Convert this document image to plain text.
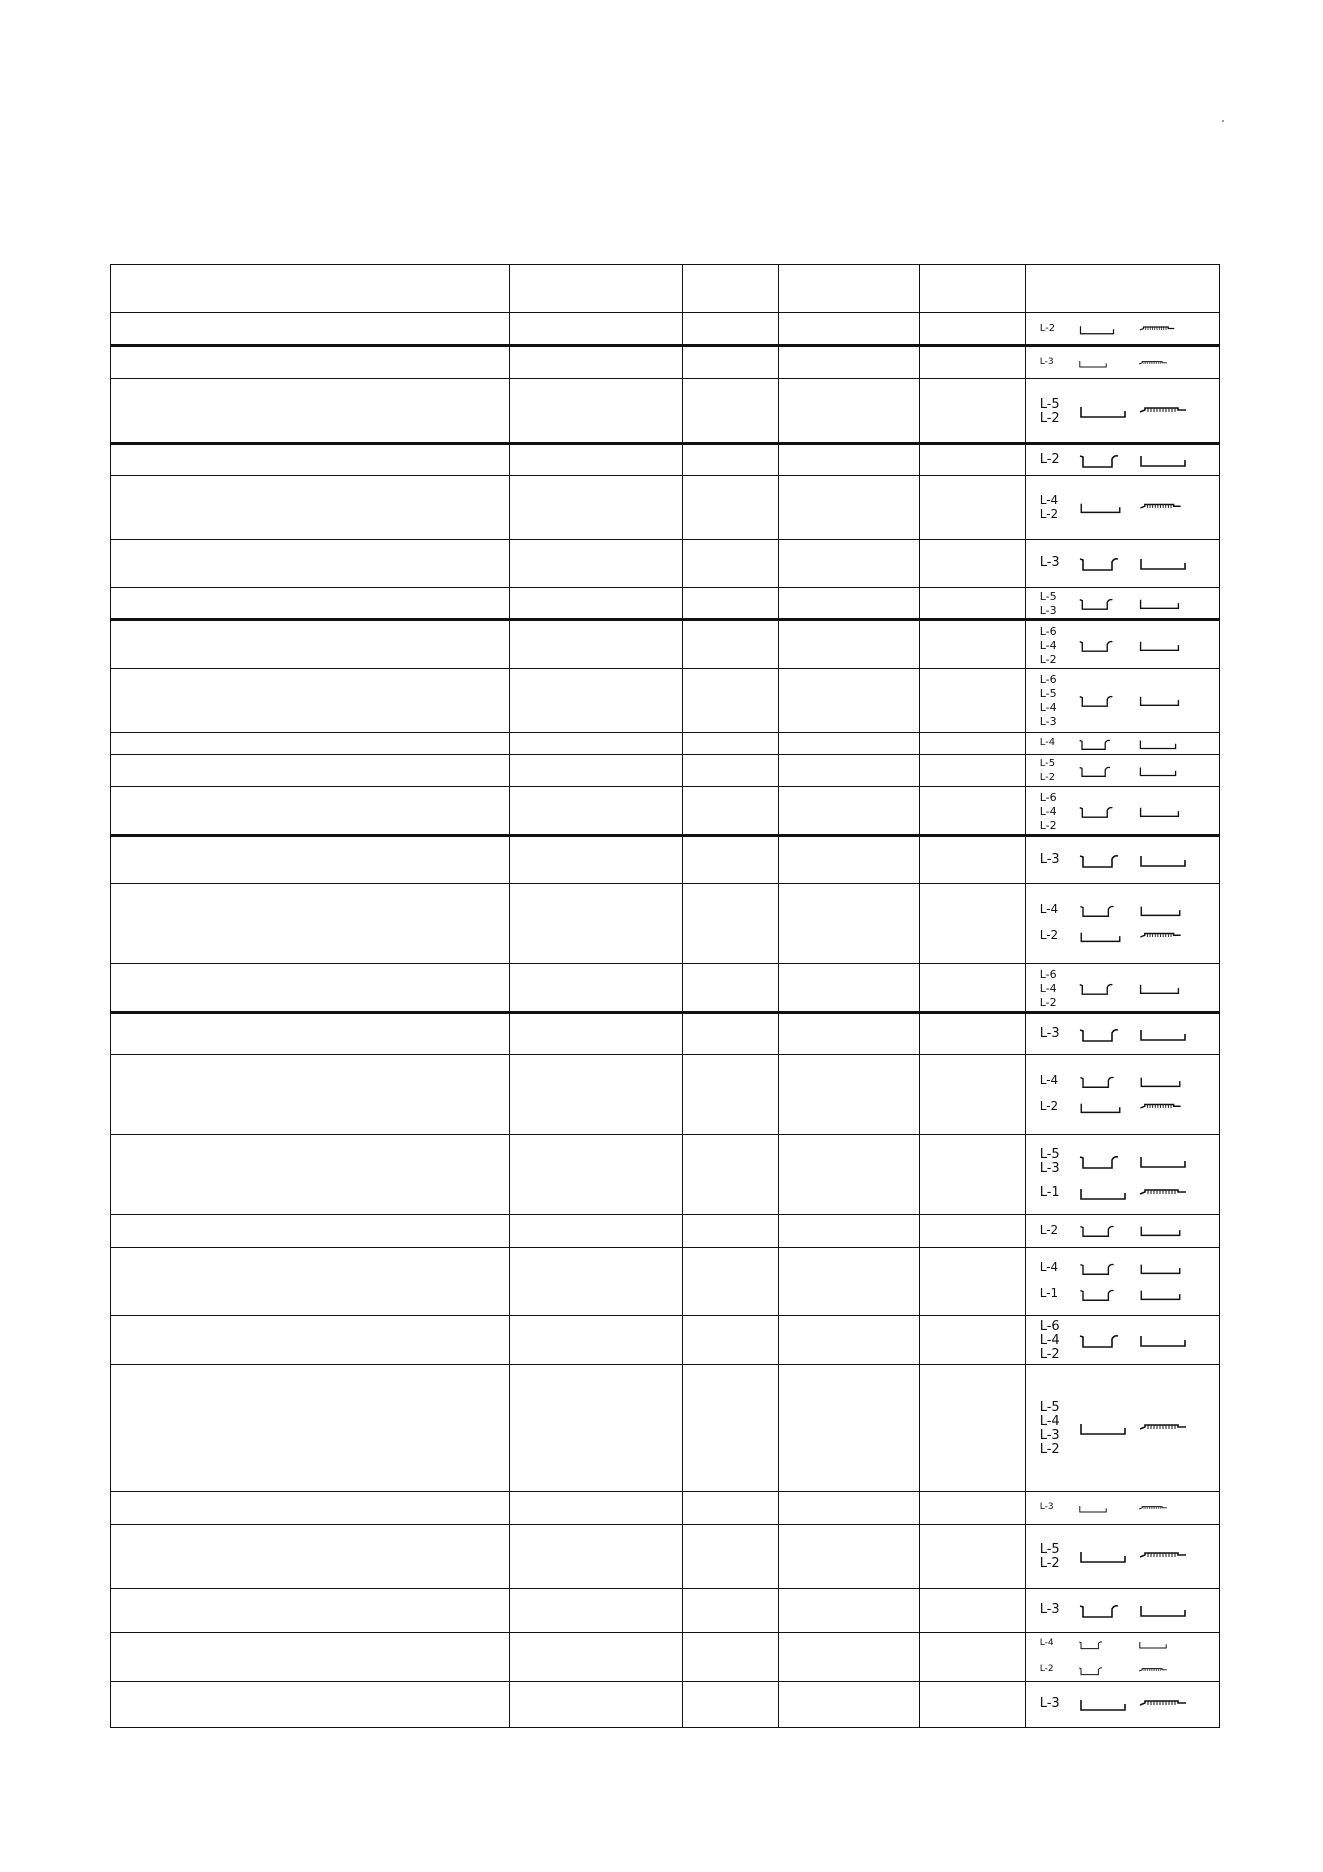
					L-2

					L-3

					L-5
L-2

					L-2

					L-4
L-2

					L-3

					L-5
L-3

					L-6
L-4
L-2

					L-6
L-5
L-4
L-3

					L-4

					L-5
L-2

					L-6
L-4
L-2

					L-3

					L-4
L-2

					L-6
L-4
L-2

					L-3

					L-4
L-2

					L-5
L-3
L-1

					L-2

					L-4
L-1

					L-6
L-4
L-2

					L-5
L-4
L-3
L-2

					L-3

					L-5
L-2

					L-3

					L-4
L-2

					L-3
